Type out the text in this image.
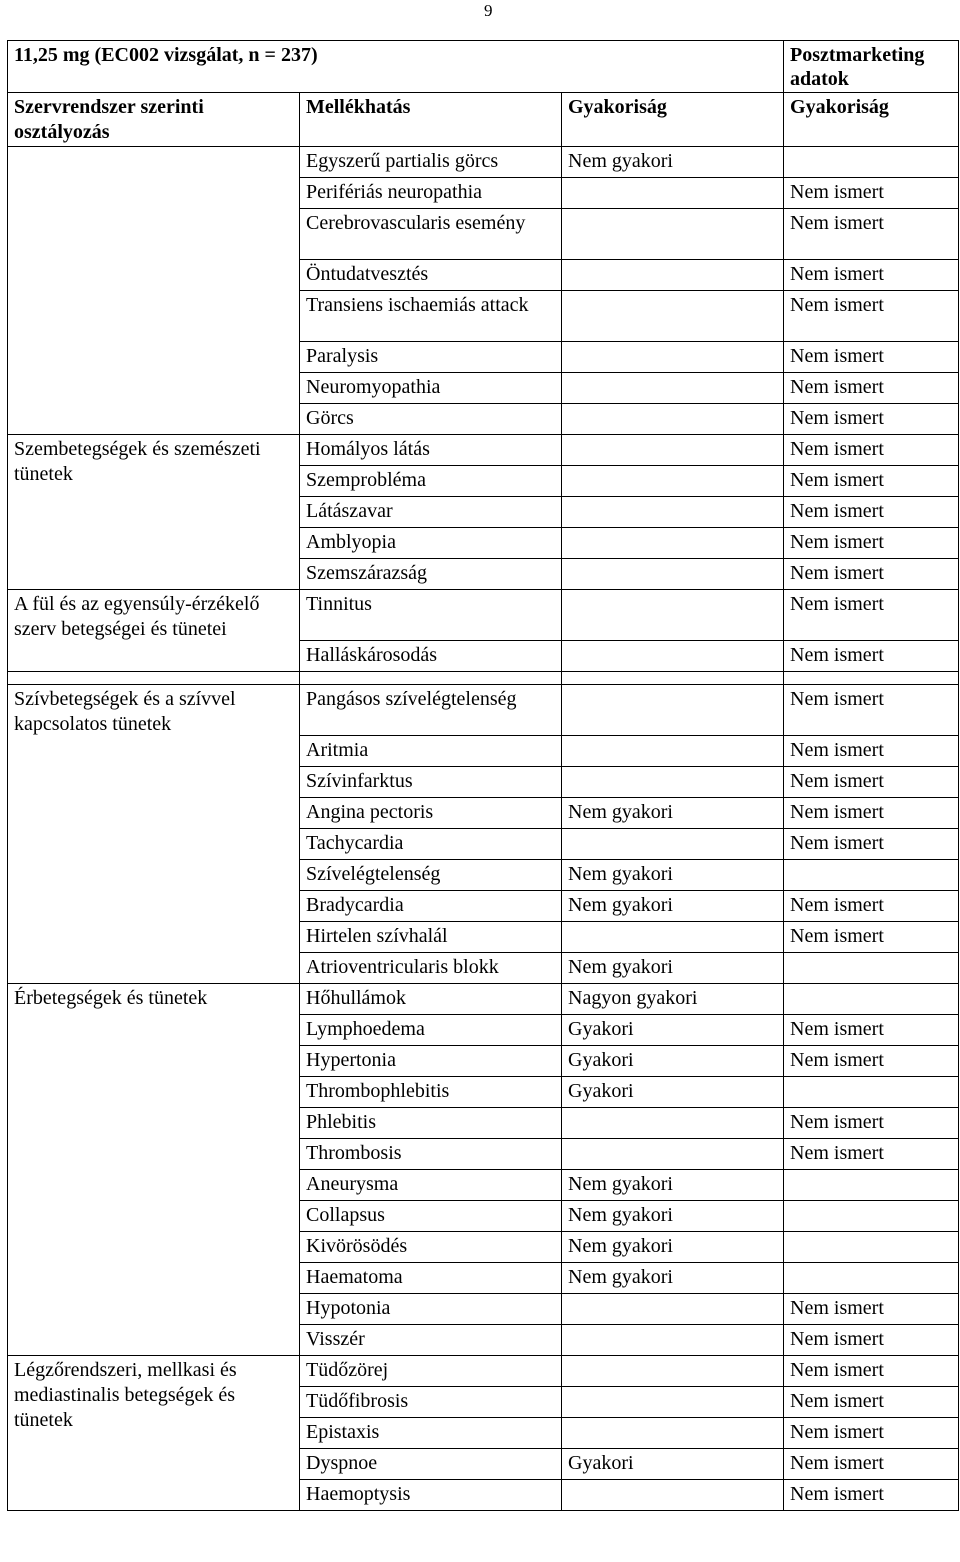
9
11,25 mg (EC002 vizsgálat, n = 237)			Posztmarketing adatok
Szervrendszer szerinti osztályozás	Mellékhatás	Gyakoriság	Gyakoriság
	Egyszerű partialis görcs	Nem gyakori	
	Perifériás neuropathia		Nem ismert
	Cerebrovascularis esemény		Nem ismert
	Öntudatvesztés		Nem ismert
	Transiens ischaemiás attack		Nem ismert
	Paralysis		Nem ismert
	Neuromyopathia		Nem ismert
	Görcs		Nem ismert
Szembetegségek és szemészeti tünetek	Homályos látás		Nem ismert
	Szemprobléma		Nem ismert
	Látászavar		Nem ismert
	Amblyopia		Nem ismert
	Szemszárazság		Nem ismert
A fül és az egyensúly-érzékelő szerv betegségei és tünetei	Tinnitus		Nem ismert
	Halláskárosodás		Nem ismert

Szívbetegségek és a szívvel kapcsolatos tünetek	Pangásos szívelégtelenség		Nem ismert
	Aritmia		Nem ismert
	Szívinfarktus		Nem ismert
	Angina pectoris	Nem gyakori	Nem ismert
	Tachycardia		Nem ismert
	Szívelégtelenség	Nem gyakori	
	Bradycardia	Nem gyakori	Nem ismert
	Hirtelen szívhalál		Nem ismert
	Atrioventricularis blokk	Nem gyakori	
Érbetegségek és tünetek	Hőhullámok	Nagyon gyakori	
	Lymphoedema	Gyakori	Nem ismert
	Hypertonia	Gyakori	Nem ismert
	Thrombophlebitis	Gyakori	
	Phlebitis		Nem ismert
	Thrombosis		Nem ismert
	Aneurysma	Nem gyakori	
	Collapsus	Nem gyakori	
	Kivörösödés	Nem gyakori	
	Haematoma	Nem gyakori	
	Hypotonia		Nem ismert
	Visszér		Nem ismert
Légzőrendszeri, mellkasi és mediastinalis betegségek és tünetek	Tüdőzörej		Nem ismert
	Tüdőfibrosis		Nem ismert
	Epistaxis		Nem ismert
	Dyspnoe	Gyakori	Nem ismert
	Haemoptysis		Nem ismert
